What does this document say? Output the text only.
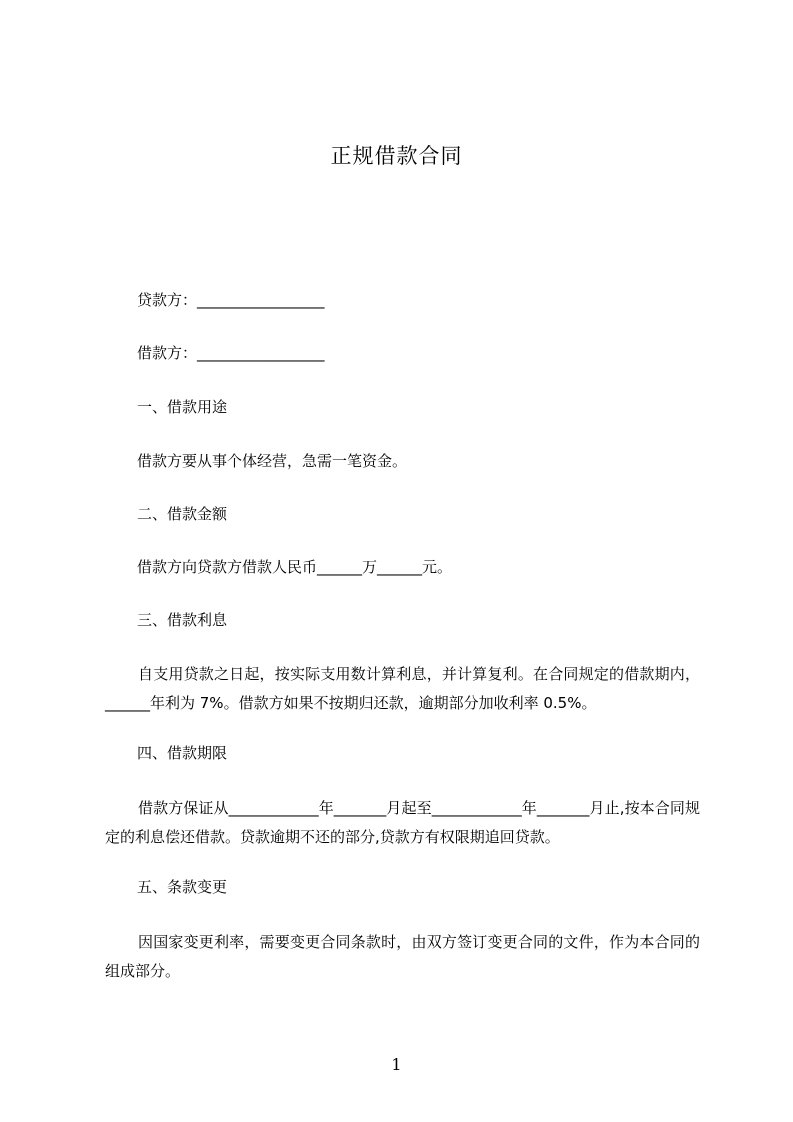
正规借款合同
贷款方：_________________
借款方：_________________
一、借款用途
借款方要从事个体经营，急需一笔资金。
二、借款金额
借款方向贷款方借款人民币______万______元。
三、借款利息
自支用贷款之日起，按实际支用数计算利息，并计算复利。在合同规定的借款期内，______年利为 7%。借款方如果不按期归还款，逾期部分加收利率 0.5%。
四、借款期限
借款方保证从____________年_______月起至____________年_______月止,按本合同规定的利息偿还借款。贷款逾期不还的部分,贷款方有权限期追回贷款。
五、条款变更
因国家变更利率，需要变更合同条款时，由双方签订变更合同的文件，作为本合同的组成部分。
1
